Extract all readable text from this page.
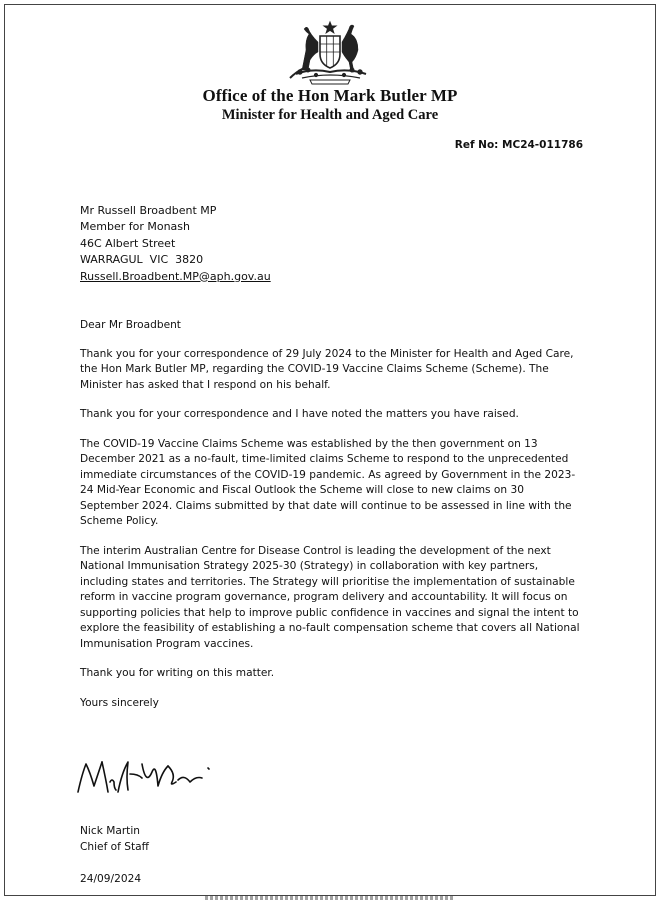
Office of the Hon Mark Butler MP
Minister for Health and Aged Care
Ref No: MC24-011786
Mr Russell Broadbent MP
Member for Monash
46C Albert Street
WARRAGUL  VIC  3820
Russell.Broadbent.MP@aph.gov.au

Dear Mr Broadbent

Thank you for your correspondence of 29 July 2024 to the Minister for Health and Aged Care, the Hon Mark Butler MP, regarding the COVID-19 Vaccine Claims Scheme (Scheme). The Minister has asked that I respond on his behalf.

Thank you for your correspondence and I have noted the matters you have raised.

The COVID-19 Vaccine Claims Scheme was established by the then government on 13 December 2021 as a no-fault, time-limited claims Scheme to respond to the unprecedented immediate circumstances of the COVID-19 pandemic. As agreed by Government in the 2023-24 Mid-Year Economic and Fiscal Outlook the Scheme will close to new claims on 30 September 2024. Claims submitted by that date will continue to be assessed in line with the Scheme Policy.

The interim Australian Centre for Disease Control is leading the development of the next National Immunisation Strategy 2025-30 (Strategy) in collaboration with key partners, including states and territories. The Strategy will prioritise the implementation of sustainable reform in vaccine program governance, program delivery and accountability. It will focus on supporting policies that help to improve public confidence in vaccines and signal the intent to explore the feasibility of establishing a no-fault compensation scheme that covers all National Immunisation Program vaccines.

Thank you for writing on this matter.

Yours sincerely

Nick Martin
Chief of Staff
24/09/2024
